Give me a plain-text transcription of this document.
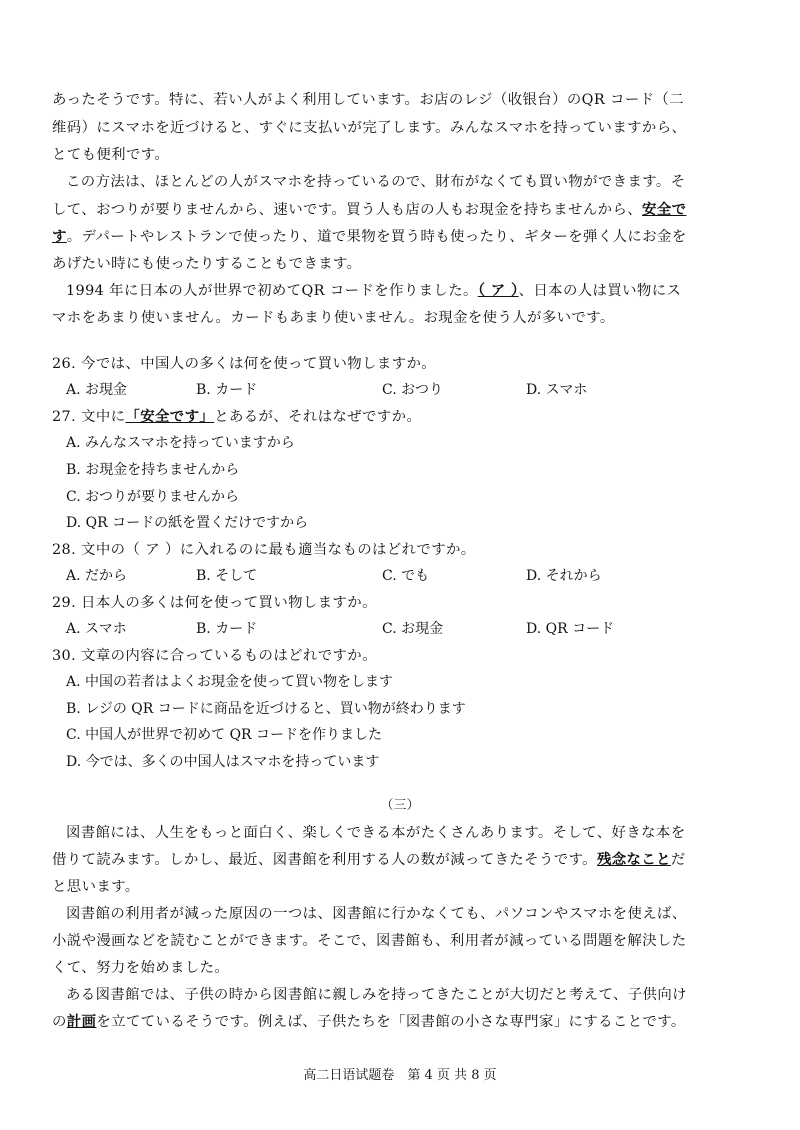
あったそうです。特に、若い人がよく利用しています。お店のレジ（收银台）のQR コード（二
维码）にスマホを近づけると、すぐに支払いが完了します。みんなスマホを持っていますから、
とても便利です。
この方法は、ほとんどの人がスマホを持っているので、財布がなくても買い物ができます。そ
して、おつりが要りませんから、速いです。買う人も店の人もお現金を持ちませんから、安全で
す。デパートやレストランで使ったり、道で果物を買う時も使ったり、ギターを弾く人にお金を
あげたい時にも使ったりすることもできます。
1994 年に日本の人が世界で初めてQR コードを作りました。（ ア ）、日本の人は買い物にス
マホをあまり使いません。カードもあまり使いません。お現金を使う人が多いです。
26. 今では、中国人の多くは何を使って買い物しますか。
A. お現金	B. カード	C. おつり	D. スマホ
27. 文中に「安全です」とあるが、それはなぜですか。
A. みんなスマホを持っていますから
B. お現金を持ちませんから
C. おつりが要りませんから
D. QR コードの紙を置くだけですから
28. 文中の（ ア ）に入れるのに最も適当なものはどれですか。
A. だから	B. そして	C. でも	D. それから
29. 日本人の多くは何を使って買い物しますか。
A. スマホ	B. カード	C. お現金	D. QR コード
30. 文章の内容に合っているものはどれですか。
A. 中国の若者はよくお現金を使って買い物をします
B. レジの QR コードに商品を近づけると、買い物が終わります
C. 中国人が世界で初めて QR コードを作りました
D. 今では、多くの中国人はスマホを持っています
（三）
図書館には、人生をもっと面白く、楽しくできる本がたくさんあります。そして、好きな本を
借りて読みます。しかし、最近、図書館を利用する人の数が減ってきたそうです。残念なことだ
と思います。
図書館の利用者が減った原因の一つは、図書館に行かなくても、パソコンやスマホを使えば、
小説や漫画などを読むことができます。そこで、図書館も、利用者が減っている問題を解決した
くて、努力を始めました。
ある図書館では、子供の時から図書館に親しみを持ってきたことが大切だと考えて、子供向け
の計画を立てているそうです。例えば、子供たちを「図書館の小さな専門家」にすることです。
高二日语试题卷　第 4 页 共 8 页
